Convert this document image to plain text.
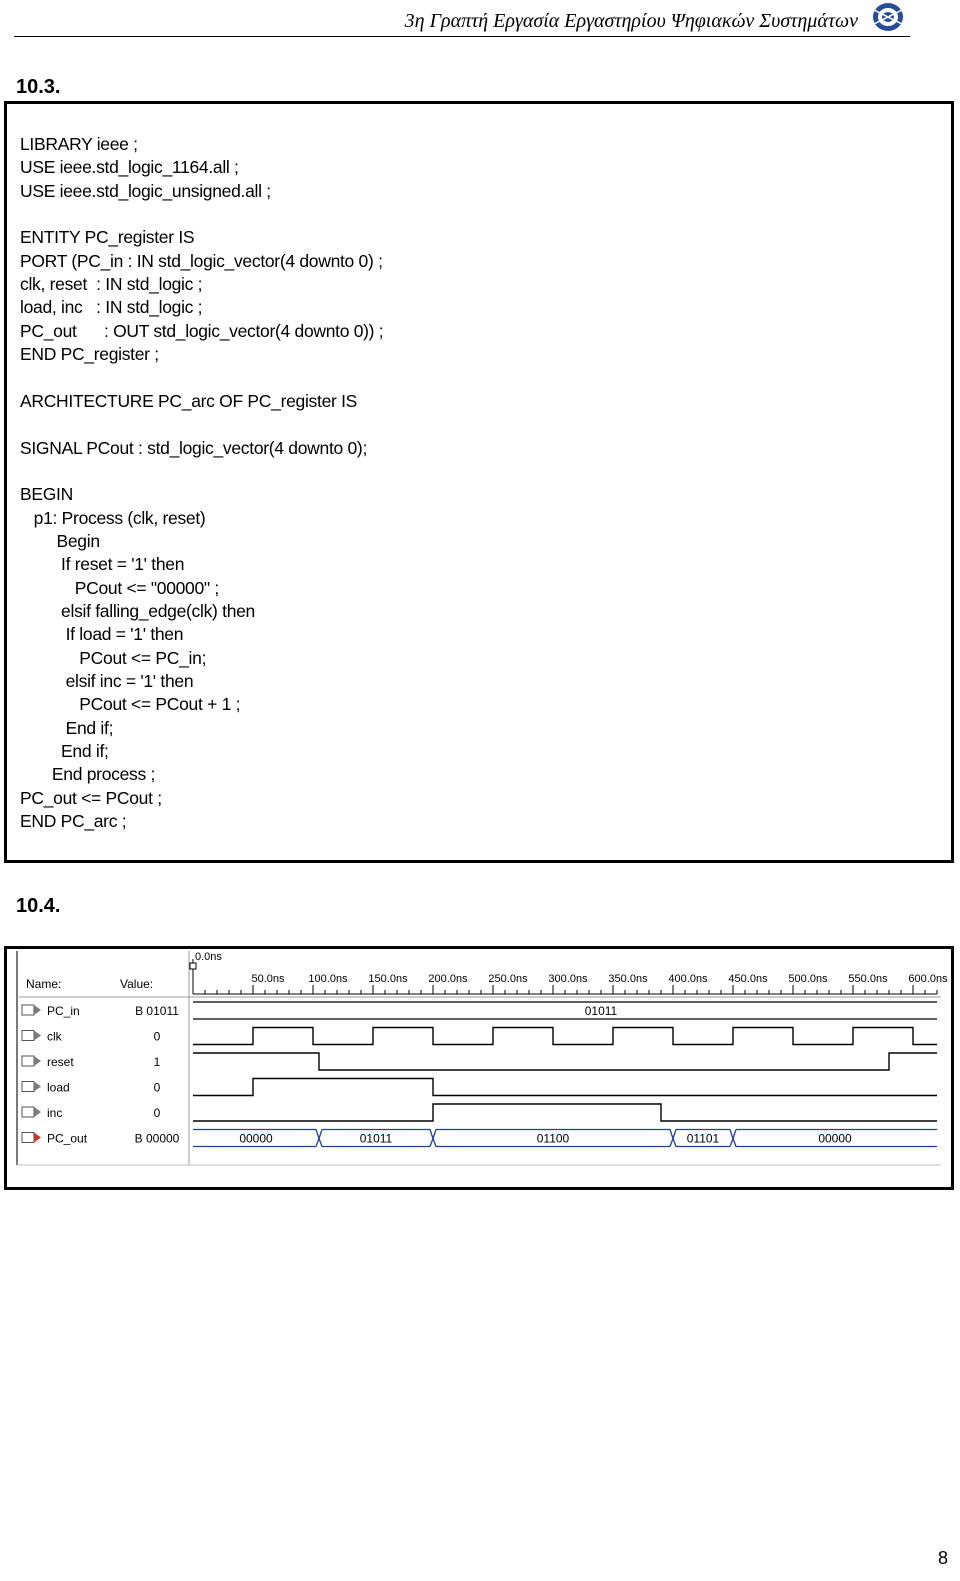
3η Γραπτή Εργασία Εργαστηρίου Ψηφιακών Συστημάτων
10.3.
LIBRARY ieee ;
USE ieee.std_logic_1164.all ;
USE ieee.std_logic_unsigned.all ;
ENTITY PC_register IS
PORT (PC_in : IN std_logic_vector(4 downto 0) ;
clk, reset  : IN std_logic ;
load, inc   : IN std_logic ;
PC_out      : OUT std_logic_vector(4 downto 0)) ;
END PC_register ;
ARCHITECTURE PC_arc OF PC_register IS
SIGNAL PCout : std_logic_vector(4 downto 0);
BEGIN
p1: Process (clk, reset)
Begin
If reset = '1' then
PCout <= "00000" ;
elsif falling_edge(clk) then
If load = '1' then
PCout <= PC_in;
elsif inc = '1' then
PCout <= PCout + 1 ;
End if;
End if;
End process ;
PC_out <= PCout ;
END PC_arc ;
10.4.
Name:	Value:	50.0ns 100.0ns 150.0ns 200.0ns 250.0ns 300.0ns 350.0ns 400.0ns 450.0ns 500.0ns 550.0ns 600.0ns
0.0ns
PC_in	B 01011	01011
clk	0
reset	1
load	0
inc	0
PC_out	B 00000	00000	01011	01100	01101	00000
8
